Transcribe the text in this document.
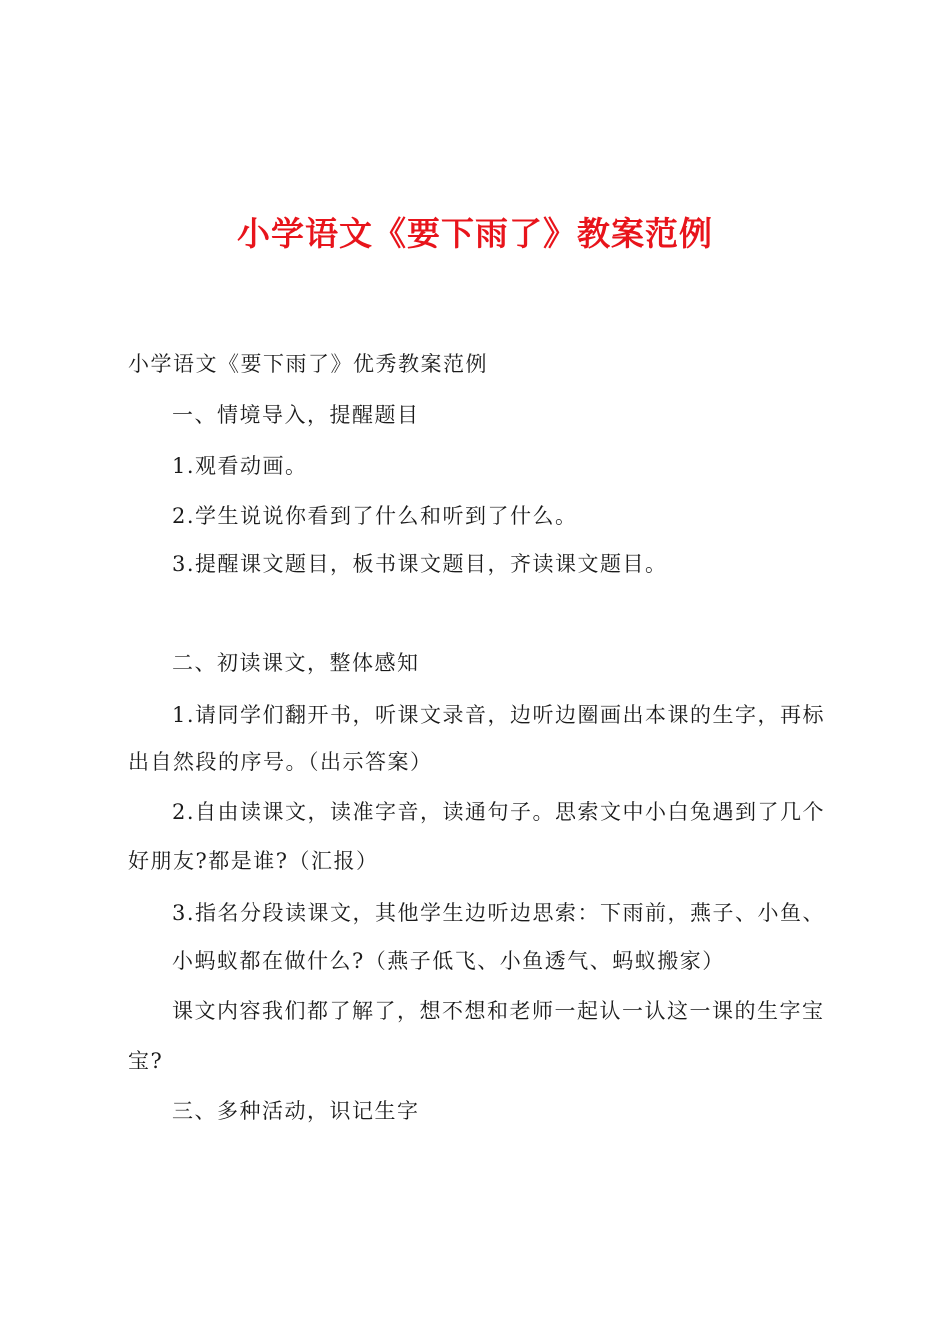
小学语文《要下雨了》教案范例
小学语文《要下雨了》优秀教案范例
一、情境导入，提醒题目
1.观看动画。
2.学生说说你看到了什么和听到了什么。
3.提醒课文题目，板书课文题目，齐读课文题目。
二、初读课文，整体感知
1.请同学们翻开书，听课文录音，边听边圈画出本课的生字，再标
出自然段的序号。（出示答案）
2.自由读课文，读准字音，读通句子。思索文中小白兔遇到了几个
好朋友?都是谁?（汇报）
3.指名分段读课文，其他学生边听边思索：下雨前，燕子、小鱼、
小蚂蚁都在做什么?（燕子低飞、小鱼透气、蚂蚁搬家）
课文内容我们都了解了，想不想和老师一起认一认这一课的生字宝
宝?
三、多种活动，识记生字
